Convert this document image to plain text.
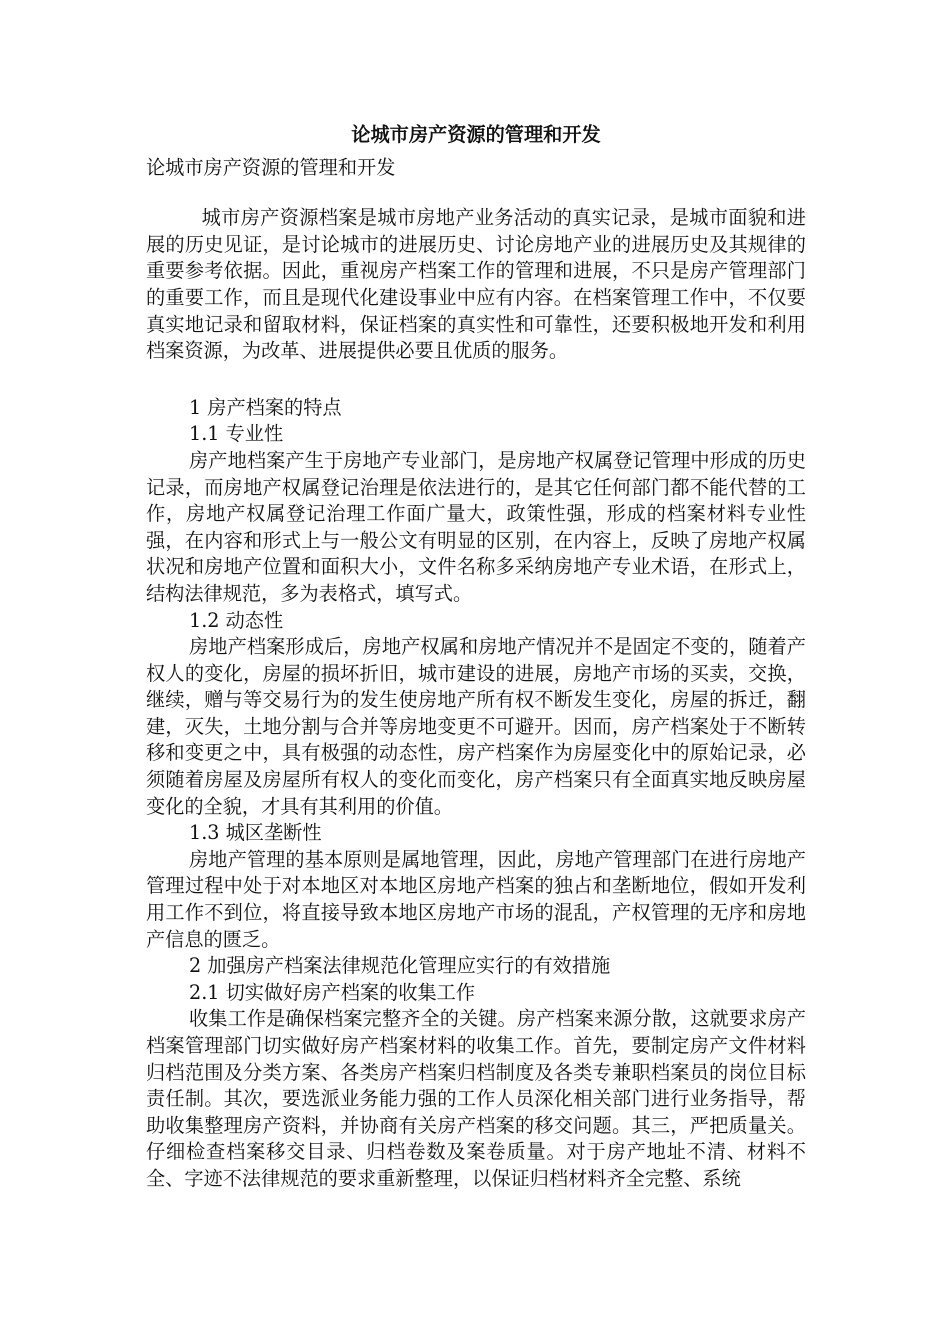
论城市房产资源的管理和开发
论城市房产资源的管理和开发
城市房产资源档案是城市房地产业务活动的真实记录，是城市面貌和进展的历史见证，是讨论城市的进展历史、讨论房地产业的进展历史及其规律的重要参考依据。因此，重视房产档案工作的管理和进展，不只是房产管理部门的重要工作，而且是现代化建设事业中应有内容。在档案管理工作中，不仅要真实地记录和留取材料，保证档案的真实性和可靠性，还要积极地开发和利用档案资源，为改革、进展提供必要且优质的服务。
1 房产档案的特点
1.1 专业性
房产地档案产生于房地产专业部门，是房地产权属登记管理中形成的历史记录，而房地产权属登记治理是依法进行的，是其它任何部门都不能代替的工作，房地产权属登记治理工作面广量大，政策性强，形成的档案材料专业性强，在内容和形式上与一般公文有明显的区别，在内容上，反映了房地产权属状况和房地产位置和面积大小，文件名称多采纳房地产专业术语，在形式上，结构法律规范，多为表格式，填写式。
1.2 动态性
房地产档案形成后，房地产权属和房地产情况并不是固定不变的，随着产权人的变化，房屋的损坏折旧，城市建设的进展，房地产市场的买卖，交换，继续，赠与等交易行为的发生使房地产所有权不断发生变化，房屋的拆迁，翻建，灭失，土地分割与合并等房地变更不可避开。因而，房产档案处于不断转移和变更之中，具有极强的动态性，房产档案作为房屋变化中的原始记录，必须随着房屋及房屋所有权人的变化而变化，房产档案只有全面真实地反映房屋变化的全貌，才具有其利用的价值。
1.3 城区垄断性
房地产管理的基本原则是属地管理，因此，房地产管理部门在进行房地产管理过程中处于对本地区对本地区房地产档案的独占和垄断地位，假如开发利用工作不到位，将直接导致本地区房地产市场的混乱，产权管理的无序和房地产信息的匮乏。
2 加强房产档案法律规范化管理应实行的有效措施
2.1 切实做好房产档案的收集工作
收集工作是确保档案完整齐全的关键。房产档案来源分散，这就要求房产档案管理部门切实做好房产档案材料的收集工作。首先，要制定房产文件材料归档范围及分类方案、各类房产档案归档制度及各类专兼职档案员的岗位目标责任制。其次，要选派业务能力强的工作人员深化相关部门进行业务指导，帮助收集整理房产资料，并协商有关房产档案的移交问题。其三，严把质量关。仔细检查档案移交目录、归档卷数及案卷质量。对于房产地址不清、材料不全、字迹不法律规范的要求重新整理，以保证归档材料齐全完整、系统
